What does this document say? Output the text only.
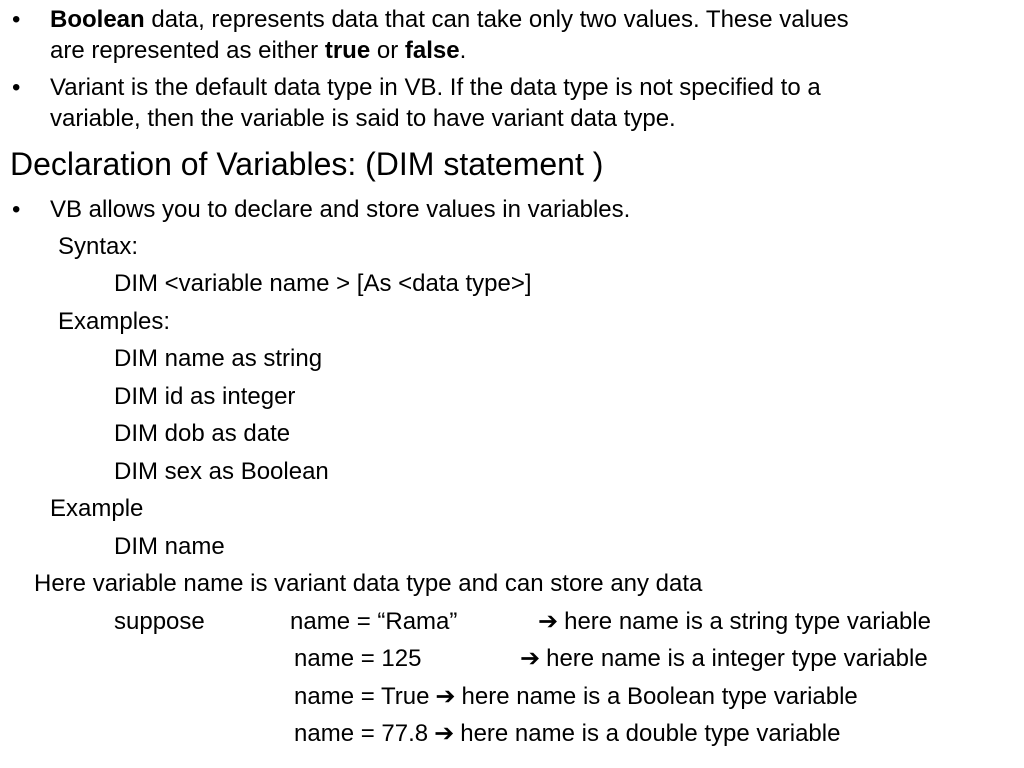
• Boolean data, represents data that can take only two values. These values
are represented as either true or false.
• Variant is the default data type in VB. If the data type is not specified to a
variable, then the variable is said to have variant data type.
Declaration of Variables: (DIM statement )
• VB allows you to declare and store values in variables.
Syntax:
DIM <variable name > [As <data type>]
Examples:
DIM name as string
DIM id as integer
DIM dob as date
DIM sex as Boolean
Example
DIM name
Here variable name is variant data type and can store any data
suppose	name = “Rama”	➔ here name is a string type variable
name = 125	➔ here name is a integer type variable
name = True ➔ here name is a Boolean type variable
name = 77.8 ➔ here name is a double type variable
